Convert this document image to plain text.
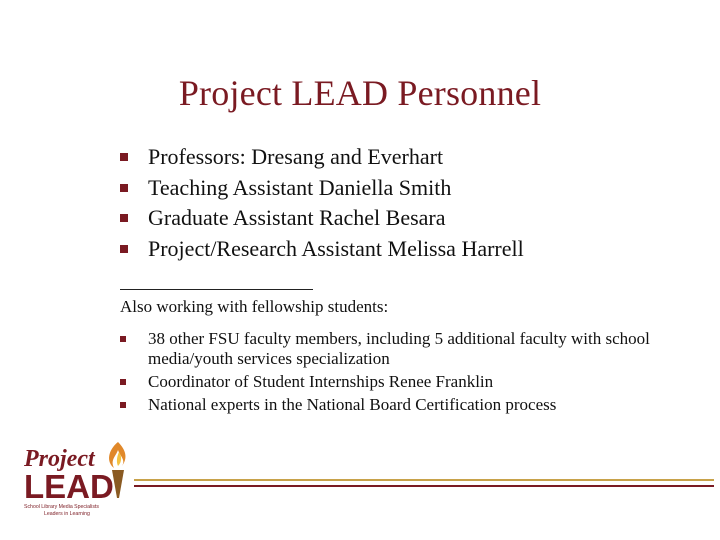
Project LEAD Personnel
Professors: Dresang and Everhart
Teaching Assistant Daniella Smith
Graduate Assistant Rachel Besara
Project/Research Assistant Melissa Harrell
Also working with fellowship students:
38 other FSU faculty members, including 5 additional faculty with school media/youth services specialization
Coordinator of Student Internships Renee Franklin
National experts in the National Board Certification process
Project
LEAD
School Library Media Specialists
Leaders in Learning
